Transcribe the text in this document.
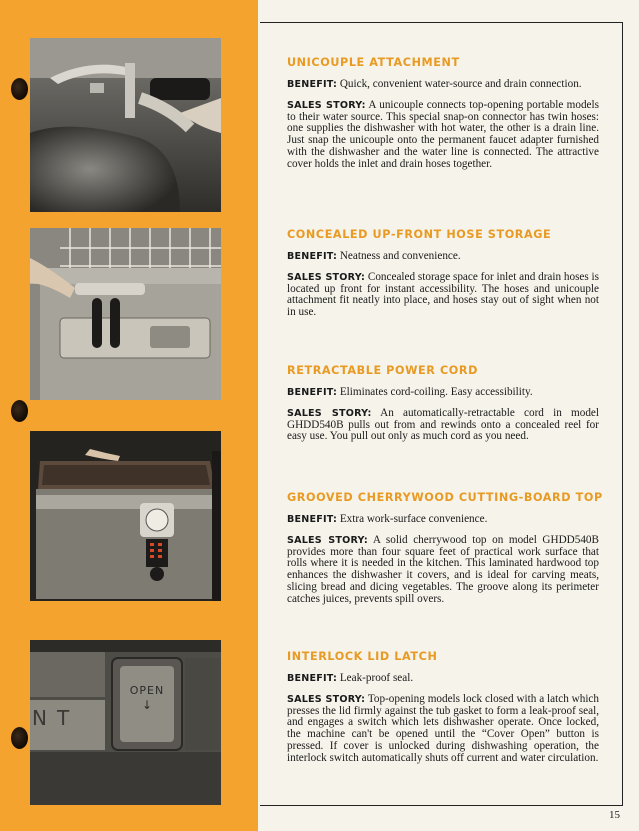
OPEN
↓
NT
UNICOUPLE ATTACHMENT

BENEFIT: Quick, convenient water-source and drain connection.

SALES STORY: A unicouple connects top-opening portable models to their water source. This special snap-on connector has twin hoses: one supplies the dishwasher with hot water, the other is a drain line. Just snap the unicouple onto the permanent faucet adapter furnished with the dishwasher and the water line is connected. The attractive cover holds the inlet and drain hoses together.

CONCEALED UP-FRONT HOSE STORAGE

BENEFIT: Neatness and convenience.

SALES STORY: Concealed storage space for inlet and drain hoses is located up front for instant accessibility. The hoses and unicouple attachment fit neatly into place, and hoses stay out of sight when not in use.

RETRACTABLE POWER CORD

BENEFIT: Eliminates cord-coiling. Easy accessibility.

SALES STORY: An automatically-retractable cord in model GHDD540B pulls out from and rewinds onto a concealed reel for easy use. You pull out only as much cord as you need.

GROOVED CHERRYWOOD CUTTING-BOARD TOP

BENEFIT: Extra work-surface convenience.

SALES STORY: A solid cherrywood top on model GHDD540B provides more than four square feet of practical work surface that rolls where it is needed in the kitchen. This laminated hardwood top enhances the dishwasher it covers, and is ideal for carving meats, slicing bread and dicing vegetables. The groove along its perimeter catches juices, prevents spill overs.

INTERLOCK LID LATCH

BENEFIT: Leak-proof seal.

SALES STORY: Top-opening models lock closed with a latch which presses the lid firmly against the tub gasket to form a leak-proof seal, and engages a switch which lets dishwasher operate. Once locked, the machine can't be opened until the “Cover Open” button is pressed. If cover is unlocked during dishwashing operation, the interlock switch automatically shuts off current and water circulation.

15
